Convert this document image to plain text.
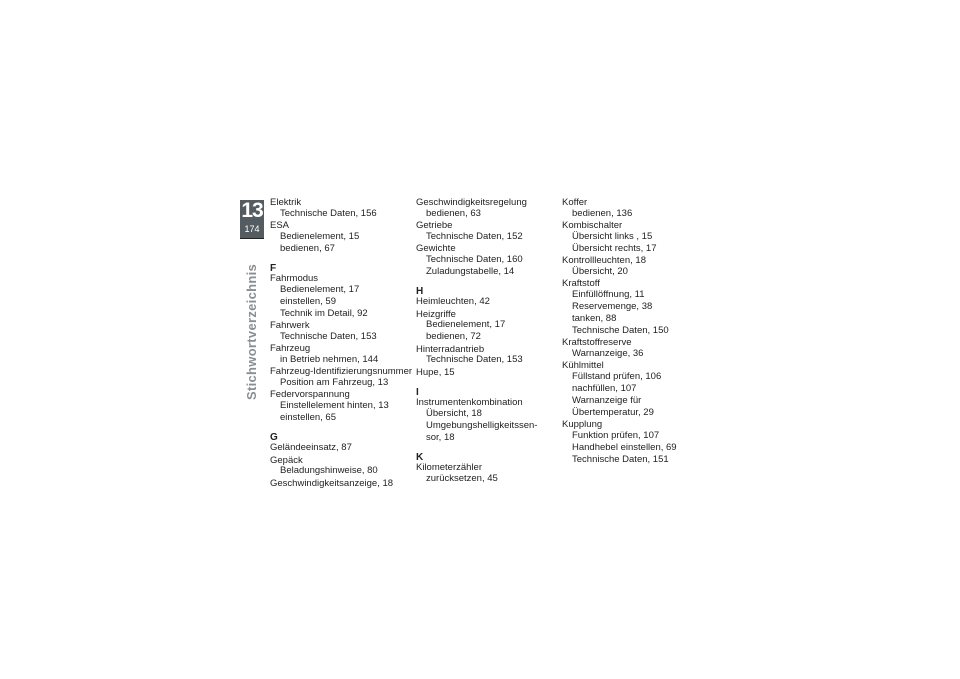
13
174
Stichwortverzeichnis
Elektrik
Technische Daten, 156
ESA
Bedienelement, 15
bedienen, 67
F
Fahrmodus
Bedienelement, 17
einstellen, 59
Technik im Detail, 92
Fahrwerk
Technische Daten, 153
Fahrzeug
in Betrieb nehmen, 144
Fahrzeug-Identifizierungsnummer
Position am Fahrzeug, 13
Federvorspannung
Einstellelement hinten, 13
einstellen, 65
G
Geländeeinsatz, 87
Gepäck
Beladungshinweise, 80
Geschwindigkeitsanzeige, 18
Geschwindigkeitsregelung
bedienen, 63
Getriebe
Technische Daten, 152
Gewichte
Technische Daten, 160
Zuladungstabelle, 14
H
Heimleuchten, 42
Heizgriffe
Bedienelement, 17
bedienen, 72
Hinterradantrieb
Technische Daten, 153
Hupe, 15
I
Instrumentenkombination
Übersicht, 18
Umgebungshelligkeitssen-
sor, 18
K
Kilometerzähler
zurücksetzen, 45
Koffer
bedienen, 136
Kombischalter
Übersicht links , 15
Übersicht rechts, 17
Kontrollleuchten, 18
Übersicht, 20
Kraftstoff
Einfüllöffnung, 11
Reservemenge, 38
tanken, 88
Technische Daten, 150
Kraftstoffreserve
Warnanzeige, 36
Kühlmittel
Füllstand prüfen, 106
nachfüllen, 107
Warnanzeige für
Übertemperatur, 29
Kupplung
Funktion prüfen, 107
Handhebel einstellen, 69
Technische Daten, 151
